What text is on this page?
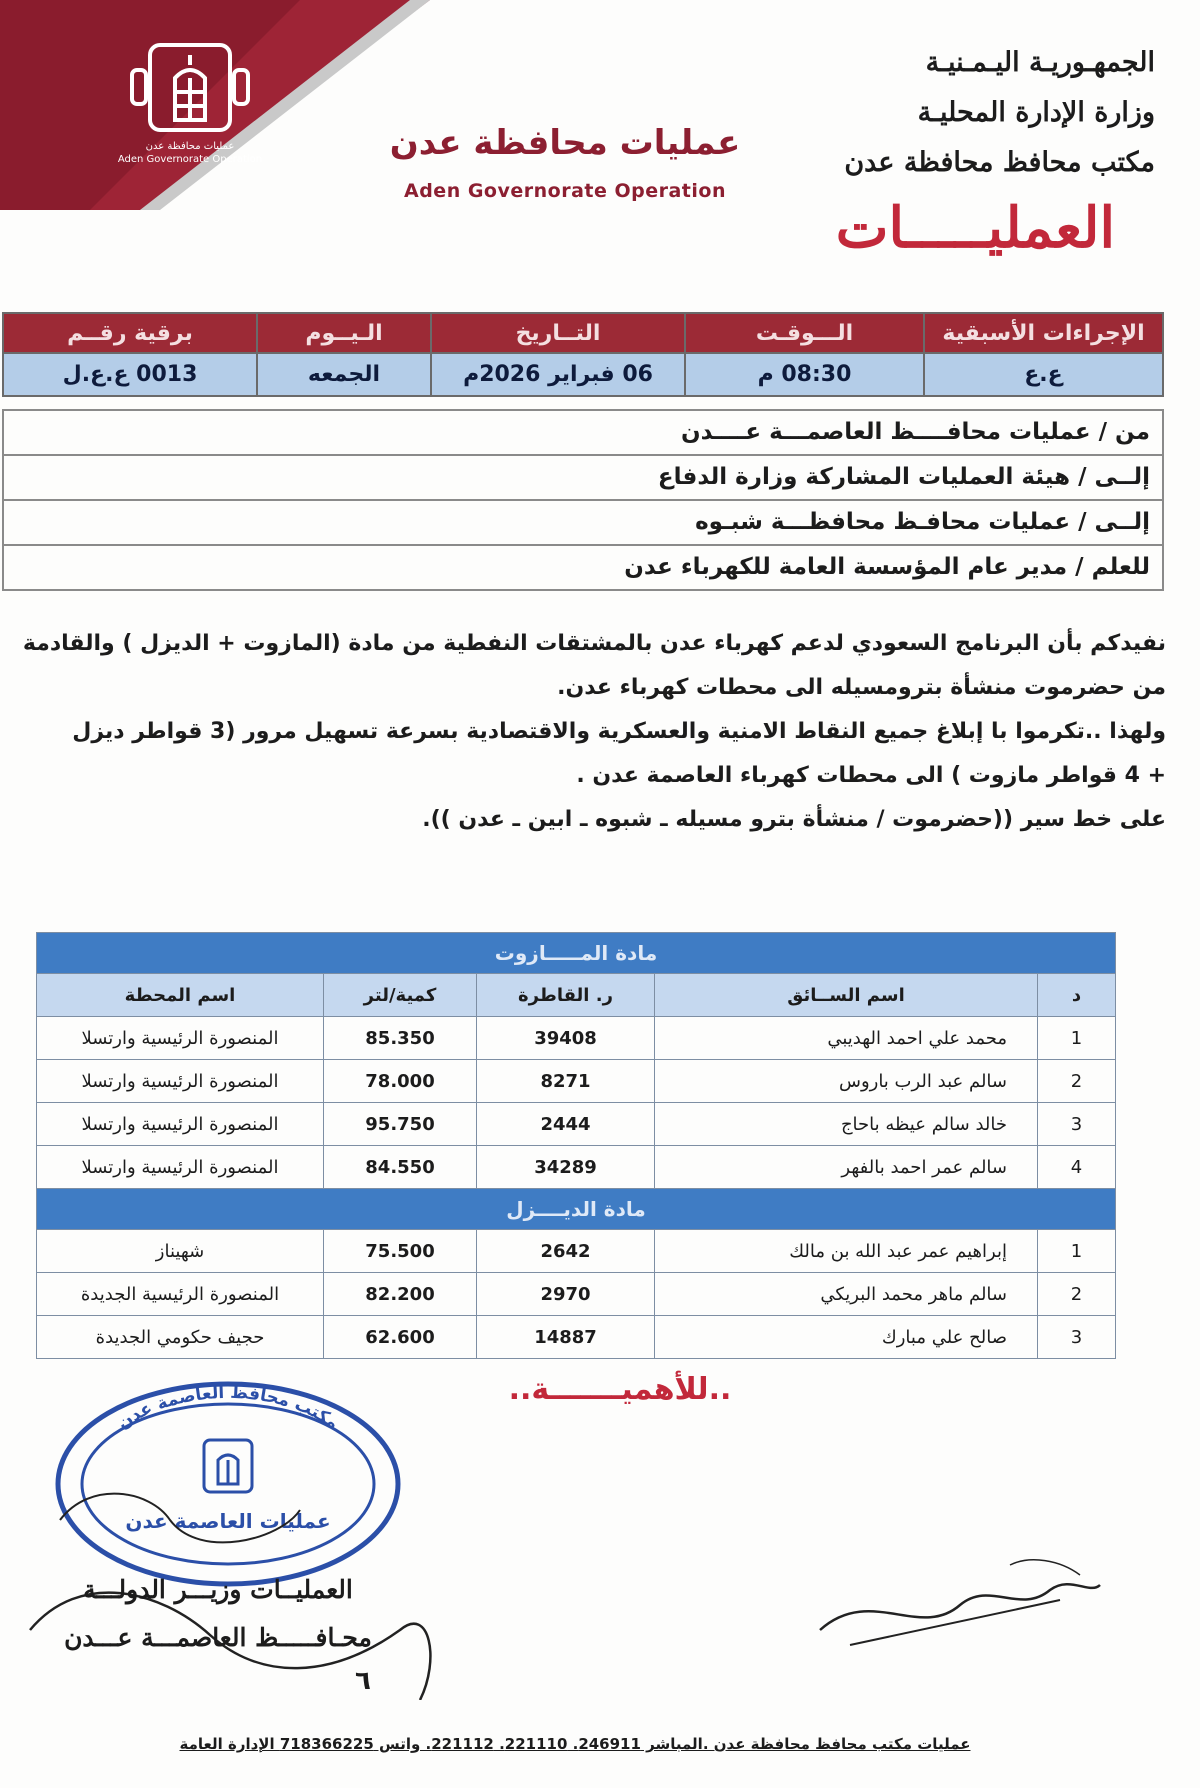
عمليات محافظة عدن
Aden Governorate Operation	عمليات محافظة عدن
Aden Governorate Operation
الجمهـوريـة اليـمـنيـة
وزارة الإدارة المحليـة
مكتب محافظ محافظة عدن
العمليـــــات
الإجراءات الأسبقية	الـــوقـت	التــاريخ	الـيــوم	برقية رقــم
ع.ع	08:30 م	06 فبراير 2026م	الجمعه	0013 ع.ع.ل
من / عمليات محافــــظ العاصمـــة عــــدن
إلــى / هيئة العمليات المشاركة وزارة الدفاع
إلــى / عمليات محافـظ محافظـــة شبـوه
للعلم / مدير عام المؤسسة العامة للكهرباء عدن
نفيدكم بأن البرنامج السعودي لدعم كهرباء عدن بالمشتقات النفطية من مادة (المازوت + الديزل ) والقادمة
من حضرموت منشأة بترومسيله الى محطات كهرباء عدن.
ولهذا ..تكرموا با إبلاغ جميع النقاط الامنية والعسكرية والاقتصادية بسرعة تسهيل مرور (3 قواطر ديزل
+ 4 قواطر مازوت ) الى محطات كهرباء العاصمة عدن .
على خط سير ((حضرموت / منشأة بترو مسيله ـ شبوه ـ ابين ـ عدن )).
مادة المـــــازوت				
د	اسم الســائق	ر. القاطرة	كمية/لتر	اسم المحطة
1	محمد علي احمد الهديبي	39408	85.350	المنصورة الرئيسية وارتسلا
2	سالم عبد الرب باروس	8271	78.000	المنصورة الرئيسية وارتسلا
3	خالد سالم عيظه باحاج	2444	95.750	المنصورة الرئيسية وارتسلا
4	سالم عمر احمد بالفهر	34289	84.550	المنصورة الرئيسية وارتسلا
مادة الديــــزل				
1	إبراهيم عمر عبد الله بن مالك	2642	75.500	شهيناز
2	سالم ماهر محمد البريكي	2970	82.200	المنصورة الرئيسية الجديدة
3	صالح علي مبارك	14887	62.600	حجيف حكومي الجديدة
..للأهميـــــــة..
مكتب محافظ العاصمة عدن
عمليات العاصمة عدن
العمليــات وزيـــر الدولـــة
محـافـــــظ العاصمـــة عـــدن
٦
عمليات مكتب محافظ محافظة عدن .المباشر 246911. 221110. 221112. واتس 718366225 الإدارة العامة
